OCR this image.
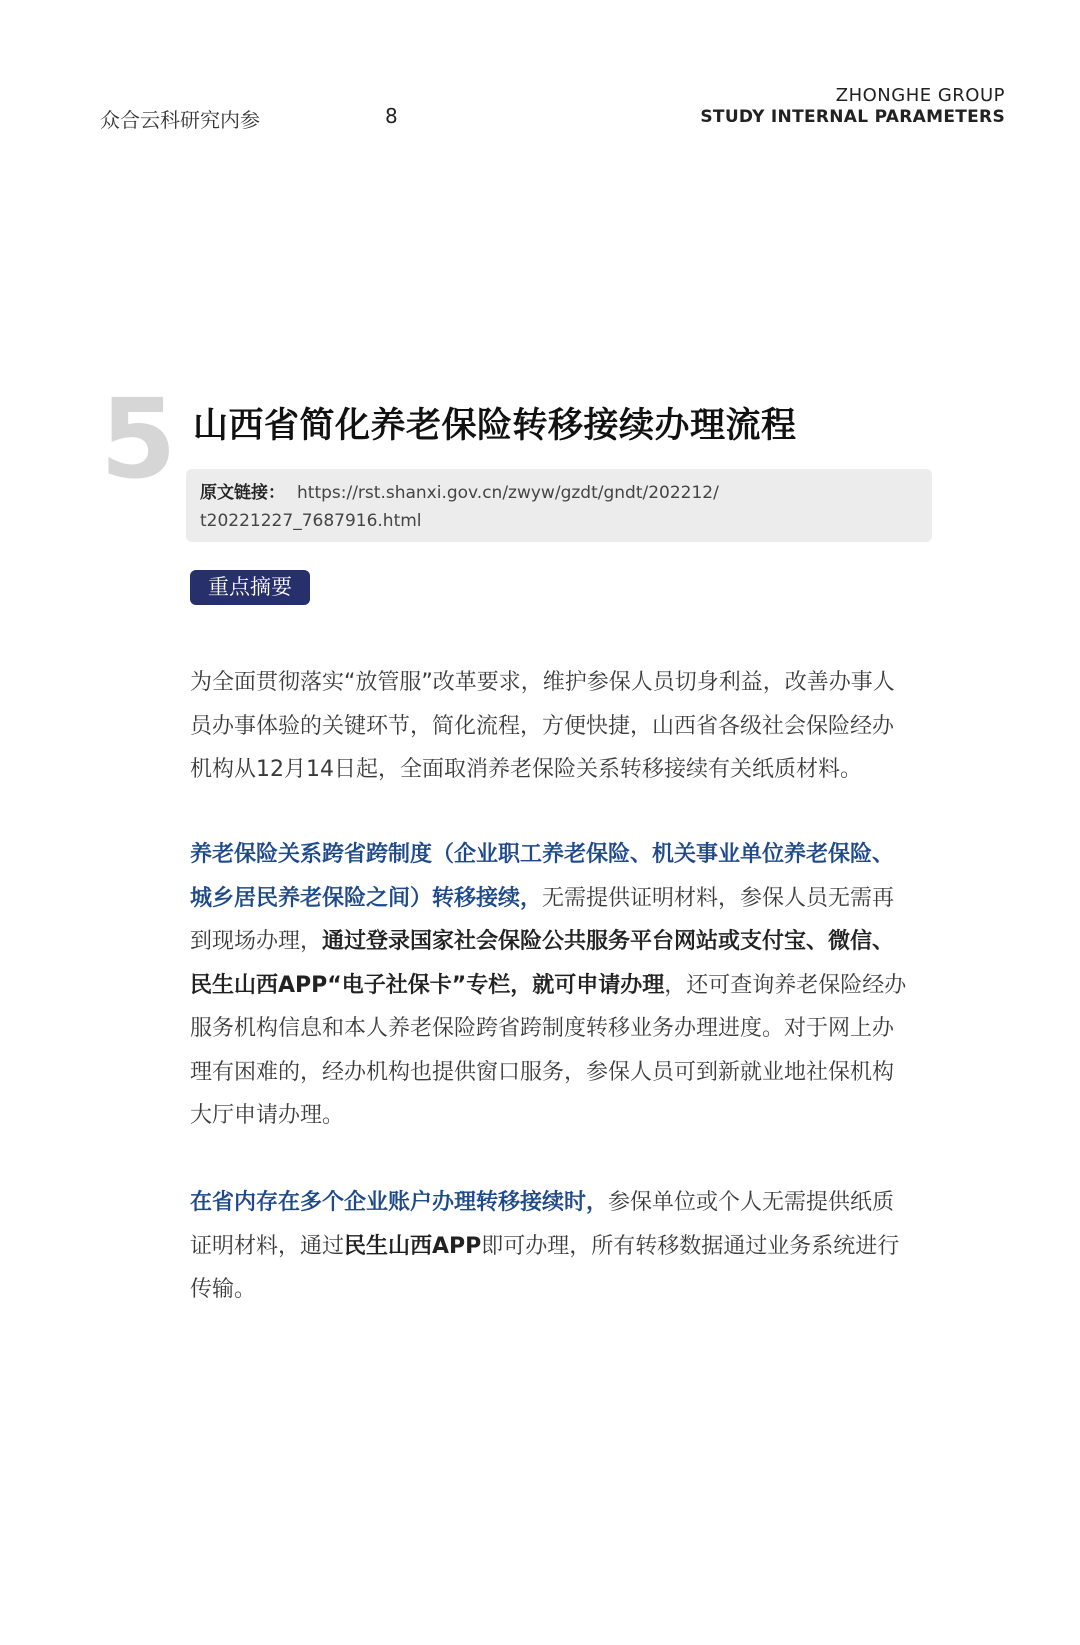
众合云科研究内参	8
ZHONGHE GROUP
STUDY INTERNAL PARAMETERS
5 山西省简化养老保险转移接续办理流程
原文链接： https://rst.shanxi.gov.cn/zwyw/gzdt/gndt/202212/
t20221227_7687916.html
重点摘要
为全面贯彻落实“放管服”改革要求，维护参保人员切身利益，改善办事人
员办事体验的关键环节，简化流程，方便快捷，山西省各级社会保险经办
机构从12月14日起，全面取消养老保险关系转移接续有关纸质材料。
养老保险关系跨省跨制度（企业职工养老保险、机关事业单位养老保险、
城乡居民养老保险之间）转移接续，无需提供证明材料，参保人员无需再
到现场办理，通过登录国家社会保险公共服务平台网站或支付宝、微信、
民生山西APP“电子社保卡”专栏，就可申请办理，还可查询养老保险经办
服务机构信息和本人养老保险跨省跨制度转移业务办理进度。对于网上办
理有困难的，经办机构也提供窗口服务，参保人员可到新就业地社保机构
大厅申请办理。
在省内存在多个企业账户办理转移接续时，参保单位或个人无需提供纸质
证明材料，通过民生山西APP即可办理，所有转移数据通过业务系统进行
传输。
